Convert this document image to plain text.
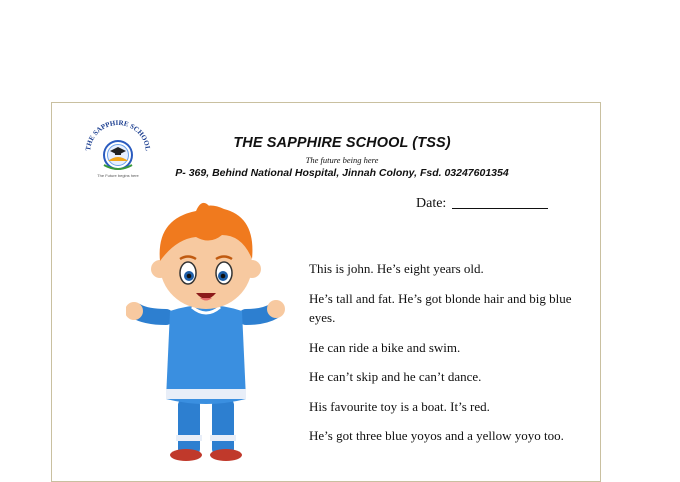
THE SAPPHIRE SCHOOL
The Future begins here
THE SAPPHIRE SCHOOL (TSS)
The future being here
P- 369, Behind National Hospital, Jinnah Colony, Fsd. 03247601354
Date:

This is john. He’s eight years old.

He’s tall and fat. He’s got blonde hair and big blue eyes.

He can ride a bike and swim.

He can’t skip and he can’t dance.

His favourite toy is a boat. It’s red.

He’s got three blue yoyos and a yellow yoyo too.
